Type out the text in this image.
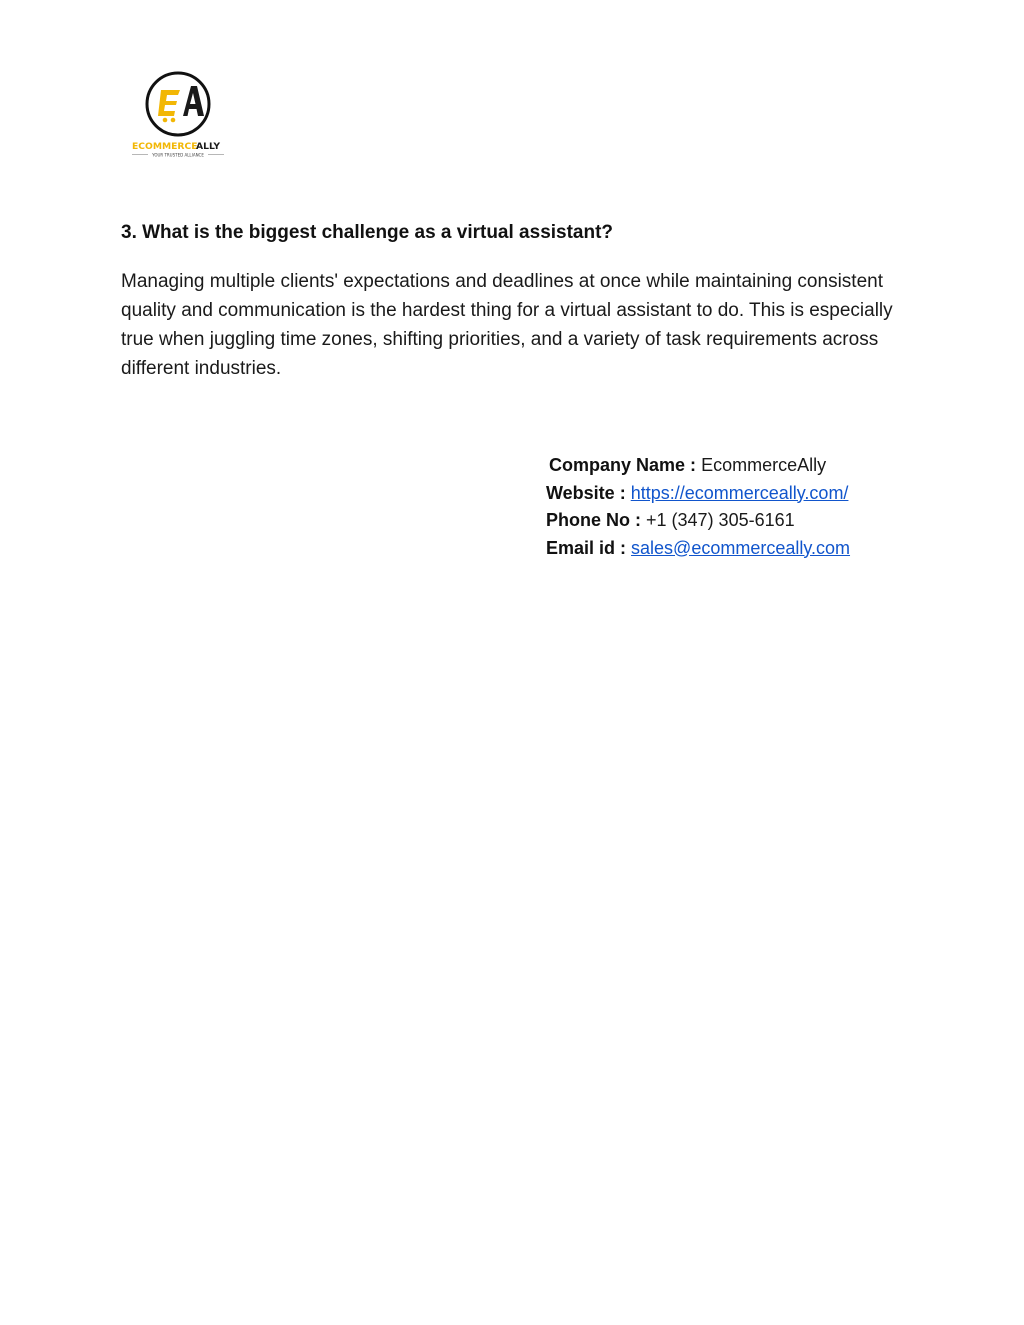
ECOMMERCE
ALLY
YOUR TRUSTED ALLIANCE
3. What is the biggest challenge as a virtual assistant?

Managing multiple clients' expectations and deadlines at once while maintaining consistent quality and communication is the hardest thing for a virtual assistant to do. This is especially true when juggling time zones, shifting priorities, and a variety of task requirements across different industries.

Company Name : EcommerceAlly
Website : https://ecommerceally.com/
Phone No : +1 (347) 305-6161
Email id : sales@ecommerceally.com
